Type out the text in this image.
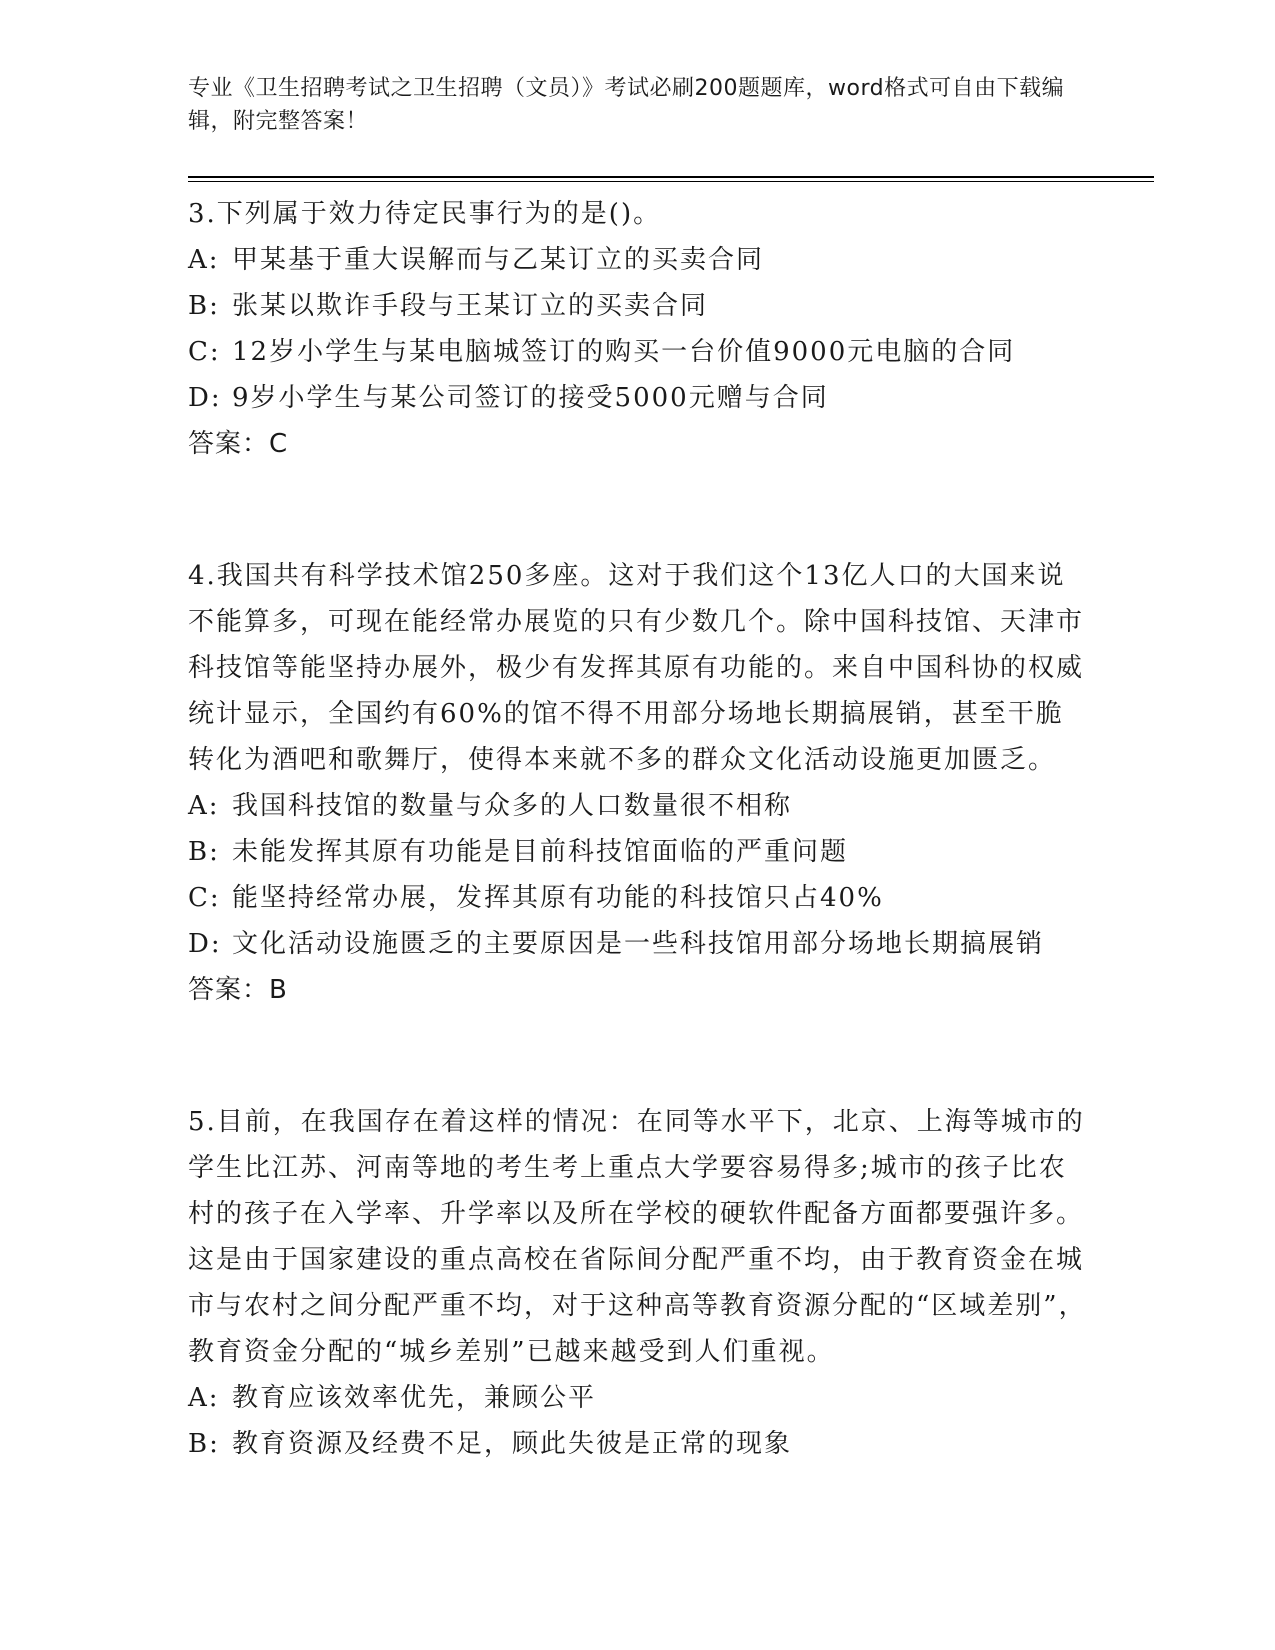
专业《卫生招聘考试之卫生招聘（文员）》考试必刷200题题库，word格式可自由下载编辑，附完整答案！

3.下列属于效力待定民事行为的是()。

A: 甲某基于重大误解而与乙某订立的买卖合同

B: 张某以欺诈手段与王某订立的买卖合同

C: 12岁小学生与某电脑城签订的购买一台价值9000元电脑的合同

D: 9岁小学生与某公司签订的接受5000元赠与合同

答案：C

4.我国共有科学技术馆250多座。这对于我们这个13亿人口的大国来说不能算多，可现在能经常办展览的只有少数几个。除中国科技馆、天津市科技馆等能坚持办展外，极少有发挥其原有功能的。来自中国科协的权威统计显示，全国约有60%的馆不得不用部分场地长期搞展销，甚至干脆转化为酒吧和歌舞厅，使得本来就不多的群众文化活动设施更加匮乏。

A: 我国科技馆的数量与众多的人口数量很不相称

B: 未能发挥其原有功能是目前科技馆面临的严重问题

C: 能坚持经常办展，发挥其原有功能的科技馆只占40%

D: 文化活动设施匮乏的主要原因是一些科技馆用部分场地长期搞展销

答案：B

5.目前，在我国存在着这样的情况：在同等水平下，北京、上海等城市的学生比江苏、河南等地的考生考上重点大学要容易得多;城市的孩子比农村的孩子在入学率、升学率以及所在学校的硬软件配备方面都要强许多。这是由于国家建设的重点高校在省际间分配严重不均，由于教育资金在城市与农村之间分配严重不均，对于这种高等教育资源分配的“区域差别”，教育资金分配的“城乡差别”已越来越受到人们重视。

A: 教育应该效率优先，兼顾公平

B: 教育资源及经费不足，顾此失彼是正常的现象
